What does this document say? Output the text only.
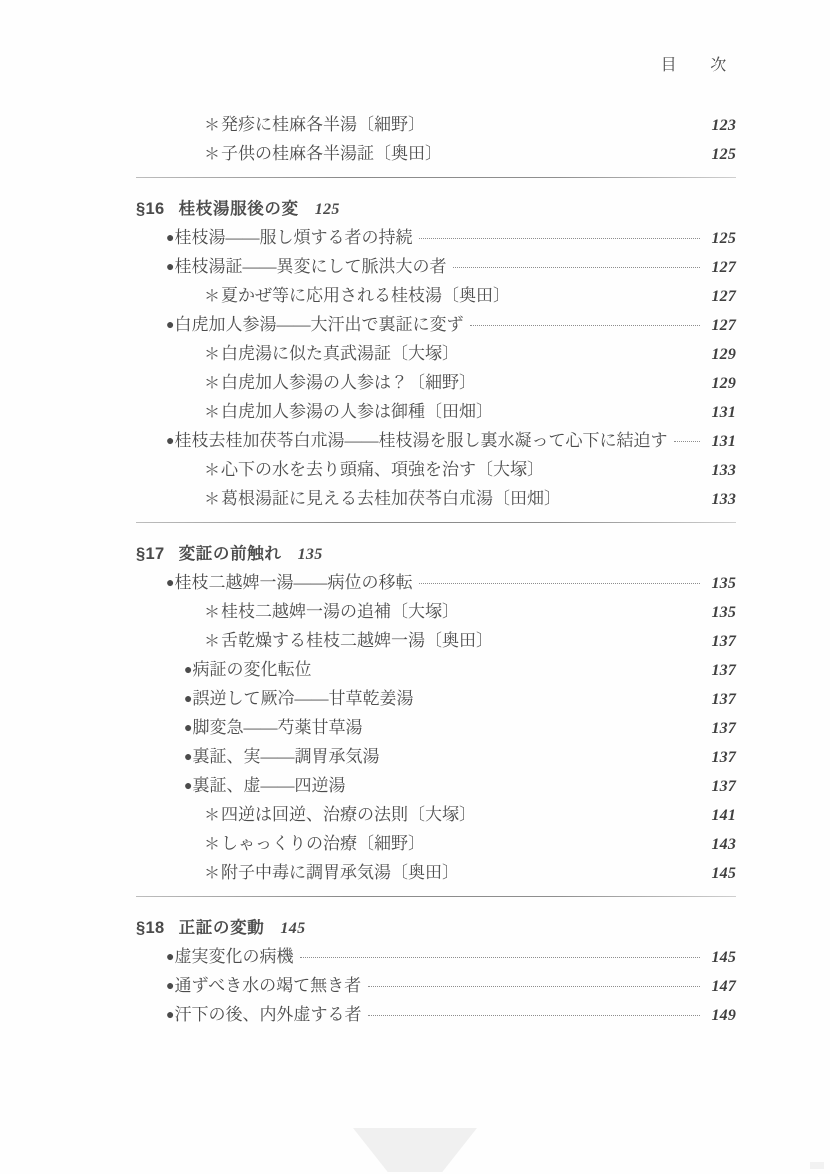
目　次
＊ 発疹に桂麻各半湯〔細野〕	123
＊ 子供の桂麻各半湯証〔奥田〕	125
§16 桂枝湯服後の変 125
● 桂枝湯——服し煩する者の持続	125
● 桂枝湯証——異変にして脈洪大の者	127
＊ 夏かぜ等に応用される桂枝湯〔奥田〕	127
● 白虎加人参湯——大汗出で裏証に変ず	127
＊ 白虎湯に似た真武湯証〔大塚〕	129
＊ 白虎加人参湯の人参は？〔細野〕	129
＊ 白虎加人参湯の人参は御種〔田畑〕	131
● 桂枝去桂加茯苓白朮湯——桂枝湯を服し裏水凝って心下に結迫す	131
＊ 心下の水を去り頭痛、項強を治す〔大塚〕	133
＊ 葛根湯証に見える去桂加茯苓白朮湯〔田畑〕	133
§17 変証の前触れ 135
● 桂枝二越婢一湯——病位の移転	135
＊ 桂枝二越婢一湯の追補〔大塚〕	135
＊ 舌乾燥する桂枝二越婢一湯〔奥田〕	137
● 病証の変化転位	137
● 誤逆して厥冷——甘草乾姜湯	137
● 脚変急——芍薬甘草湯	137
● 裏証、実——調胃承気湯	137
● 裏証、虚——四逆湯	137
＊ 四逆は回逆、治療の法則〔大塚〕	141
＊ しゃっくりの治療〔細野〕	143
＊ 附子中毒に調胃承気湯〔奥田〕	145
§18 正証の変動 145
● 虚実変化の病機	145
● 通ずべき水の竭て無き者	147
● 汗下の後、内外虚する者	149
